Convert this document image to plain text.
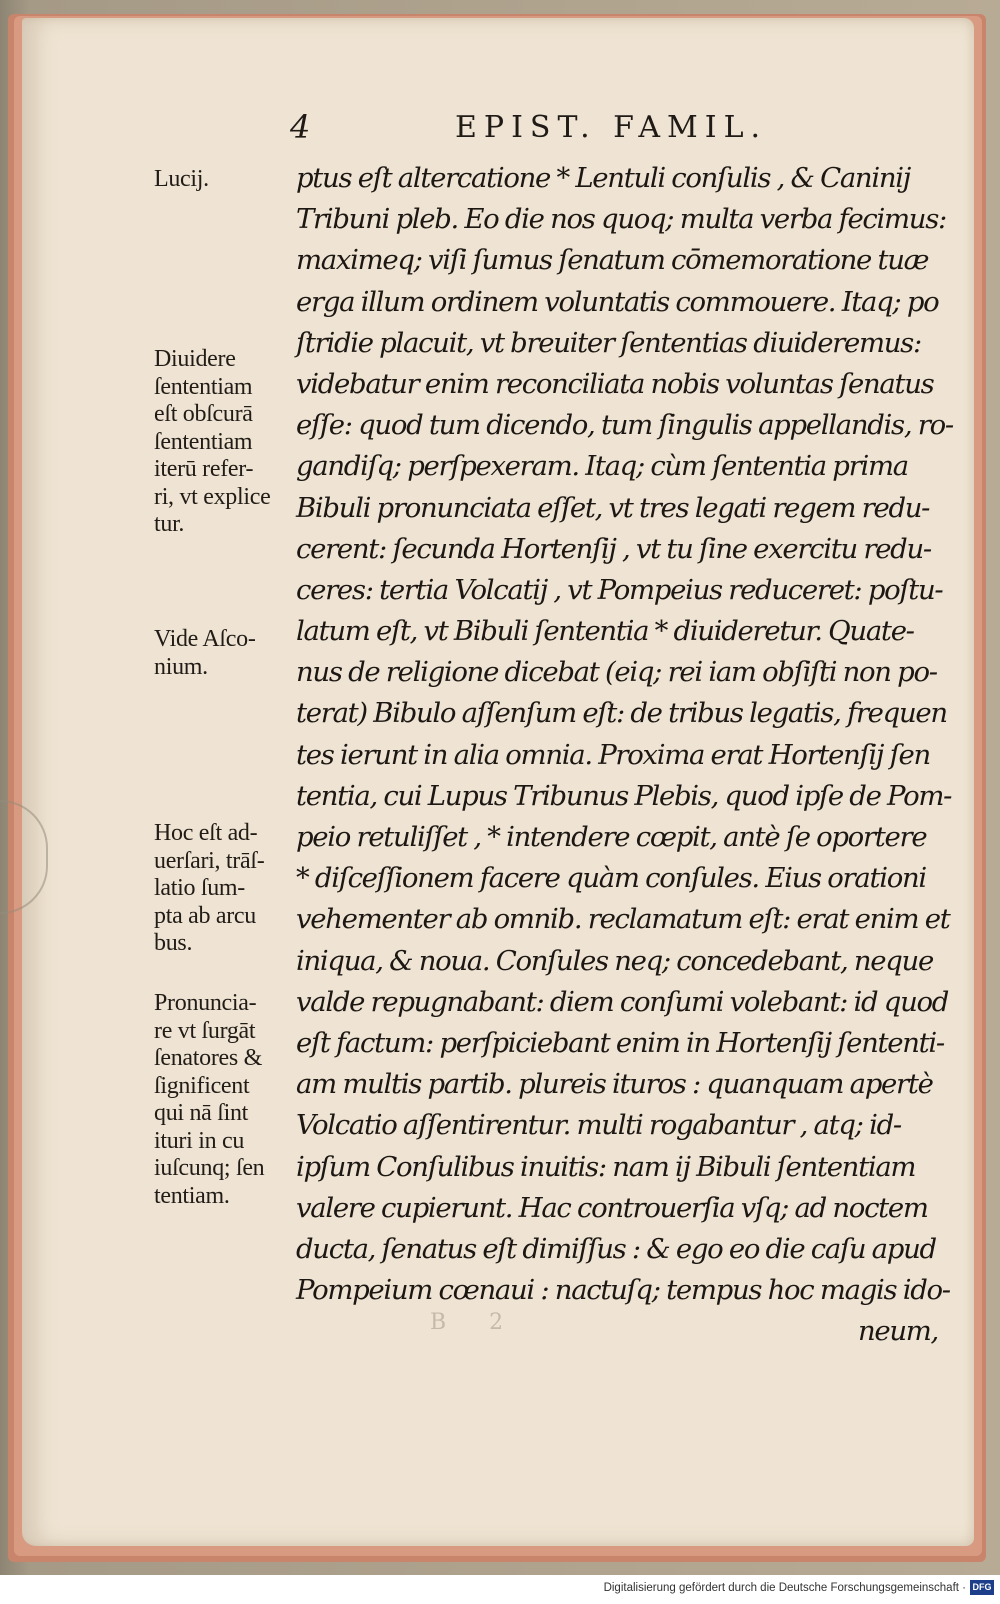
4	EPIST. FAMIL.
ptus eſt altercatione * Lentuli conſulis , & Caninij
Tribuni pleb. Eo die nos quoq; multa verba fecimus:
maximeq; viſi ſumus ſenatum cōmemoratione tuæ
erga illum ordinem voluntatis commouere. Itaq; po
ſtridie placuit, vt breuiter ſententias diuideremus:
videbatur enim reconciliata nobis voluntas ſenatus
eſſe: quod tum dicendo, tum ſingulis appellandis, ro-
gandiſq; perſpexeram. Itaq; cùm ſententia prima
Bibuli pronunciata eſſet, vt tres legati regem redu-
cerent: ſecunda Hortenſij , vt tu ſine exercitu redu-
ceres: tertia Volcatij , vt Pompeius reduceret: poſtu-
latum eſt, vt Bibuli ſententia * diuideretur. Quate-
nus de religione dicebat (eiq; rei iam obſiſti non po-
terat) Bibulo aſſenſum eſt: de tribus legatis, frequen
tes ierunt in alia omnia. Proxima erat Hortenſij ſen
tentia, cui Lupus Tribunus Plebis, quod ipſe de Pom-
peio retuliſſet , * intendere cœpit, antè ſe oportere
* diſceſſionem facere quàm conſules. Eius orationi
vehementer ab omnib. reclamatum eſt: erat enim et
iniqua, & noua. Conſules neq; concedebant, neque
valde repugnabant: diem conſumi volebant: id quod
eſt factum: perſpiciebant enim in Hortenſij ſententi-
am multis partib. plureis ituros : quanquam apertè
Volcatio aſſentirentur. multi rogabantur , atq; id-
ipſum Conſulibus inuitis: nam ij Bibuli ſententiam
valere cupierunt. Hac controuerſia vſq; ad noctem
ducta, ſenatus eſt dimiſſus : & ego eo die caſu apud
Pompeium cœnaui : nactuſq; tempus hoc magis ido-
neum,
Lucij.
Diuidere
ſententiam
eſt obſcurā
ſententiam
iterū refer-
ri, vt explice
tur.
Vide Aſco-
nium.
Hoc eſt ad-
uerſari, trāſ-
latio ſum-
pta ab arcu
bus.
Pronuncia-
re vt ſurgāt
ſenatores &
ſignificent
qui nā ſint
ituri in cu
iuſcunq; ſen
tentiam.
B 2
Digitalisierung gefördert durch die Deutsche Forschungsgemeinschaft · DFG
